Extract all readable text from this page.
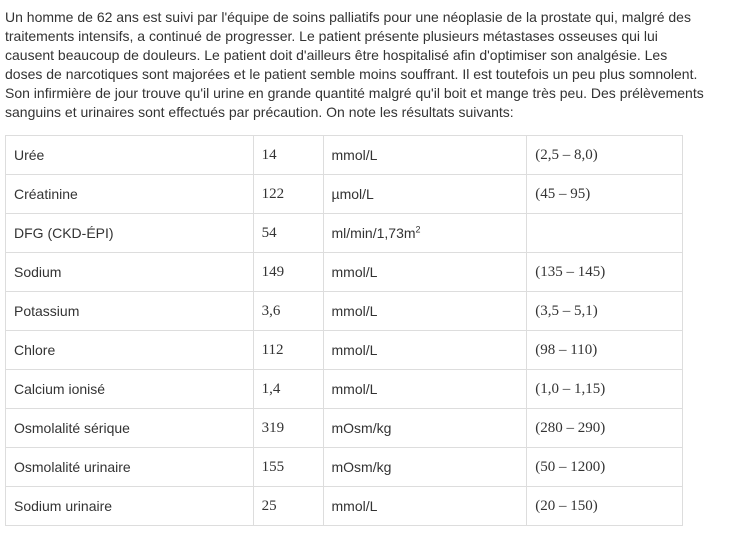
Un homme de 62 ans est suivi par l'équipe de soins palliatifs pour une néoplasie de la prostate qui, malgré des traitements intensifs, a continué de progresser. Le patient présente plusieurs métastases osseuses qui lui causent beaucoup de douleurs. Le patient doit d'ailleurs être hospitalisé afin d'optimiser son analgésie. Les doses de narcotiques sont majorées et le patient semble moins souffrant. Il est toutefois un peu plus somnolent. Son infirmière de jour trouve qu'il urine en grande quantité malgré qu'il boit et mange très peu. Des prélèvements sanguins et urinaires sont effectués par précaution. On note les résultats suivants:

Urée	14	mmol/L	(2,5 – 8,0)
Créatinine	122	µmol/L	(45 – 95)
DFG (CKD-ÉPI)	54	$ml/\min/1,73m^2$	
Sodium	149	mmol/L	(135 – 145)
Potassium	3,6	mmol/L	(3,5 – 5,1)
Chlore	112	mmol/L	(98 – 110)
Calcium ionisé	1,4	mmol/L	(1,0 – 1,15)
Osmolalité sérique	319	mOsm/kg	(280 – 290)
Osmolalité urinaire	155	mOsm/kg	(50 – 1200)
Sodium urinaire	25	mmol/L	(20 – 150)
